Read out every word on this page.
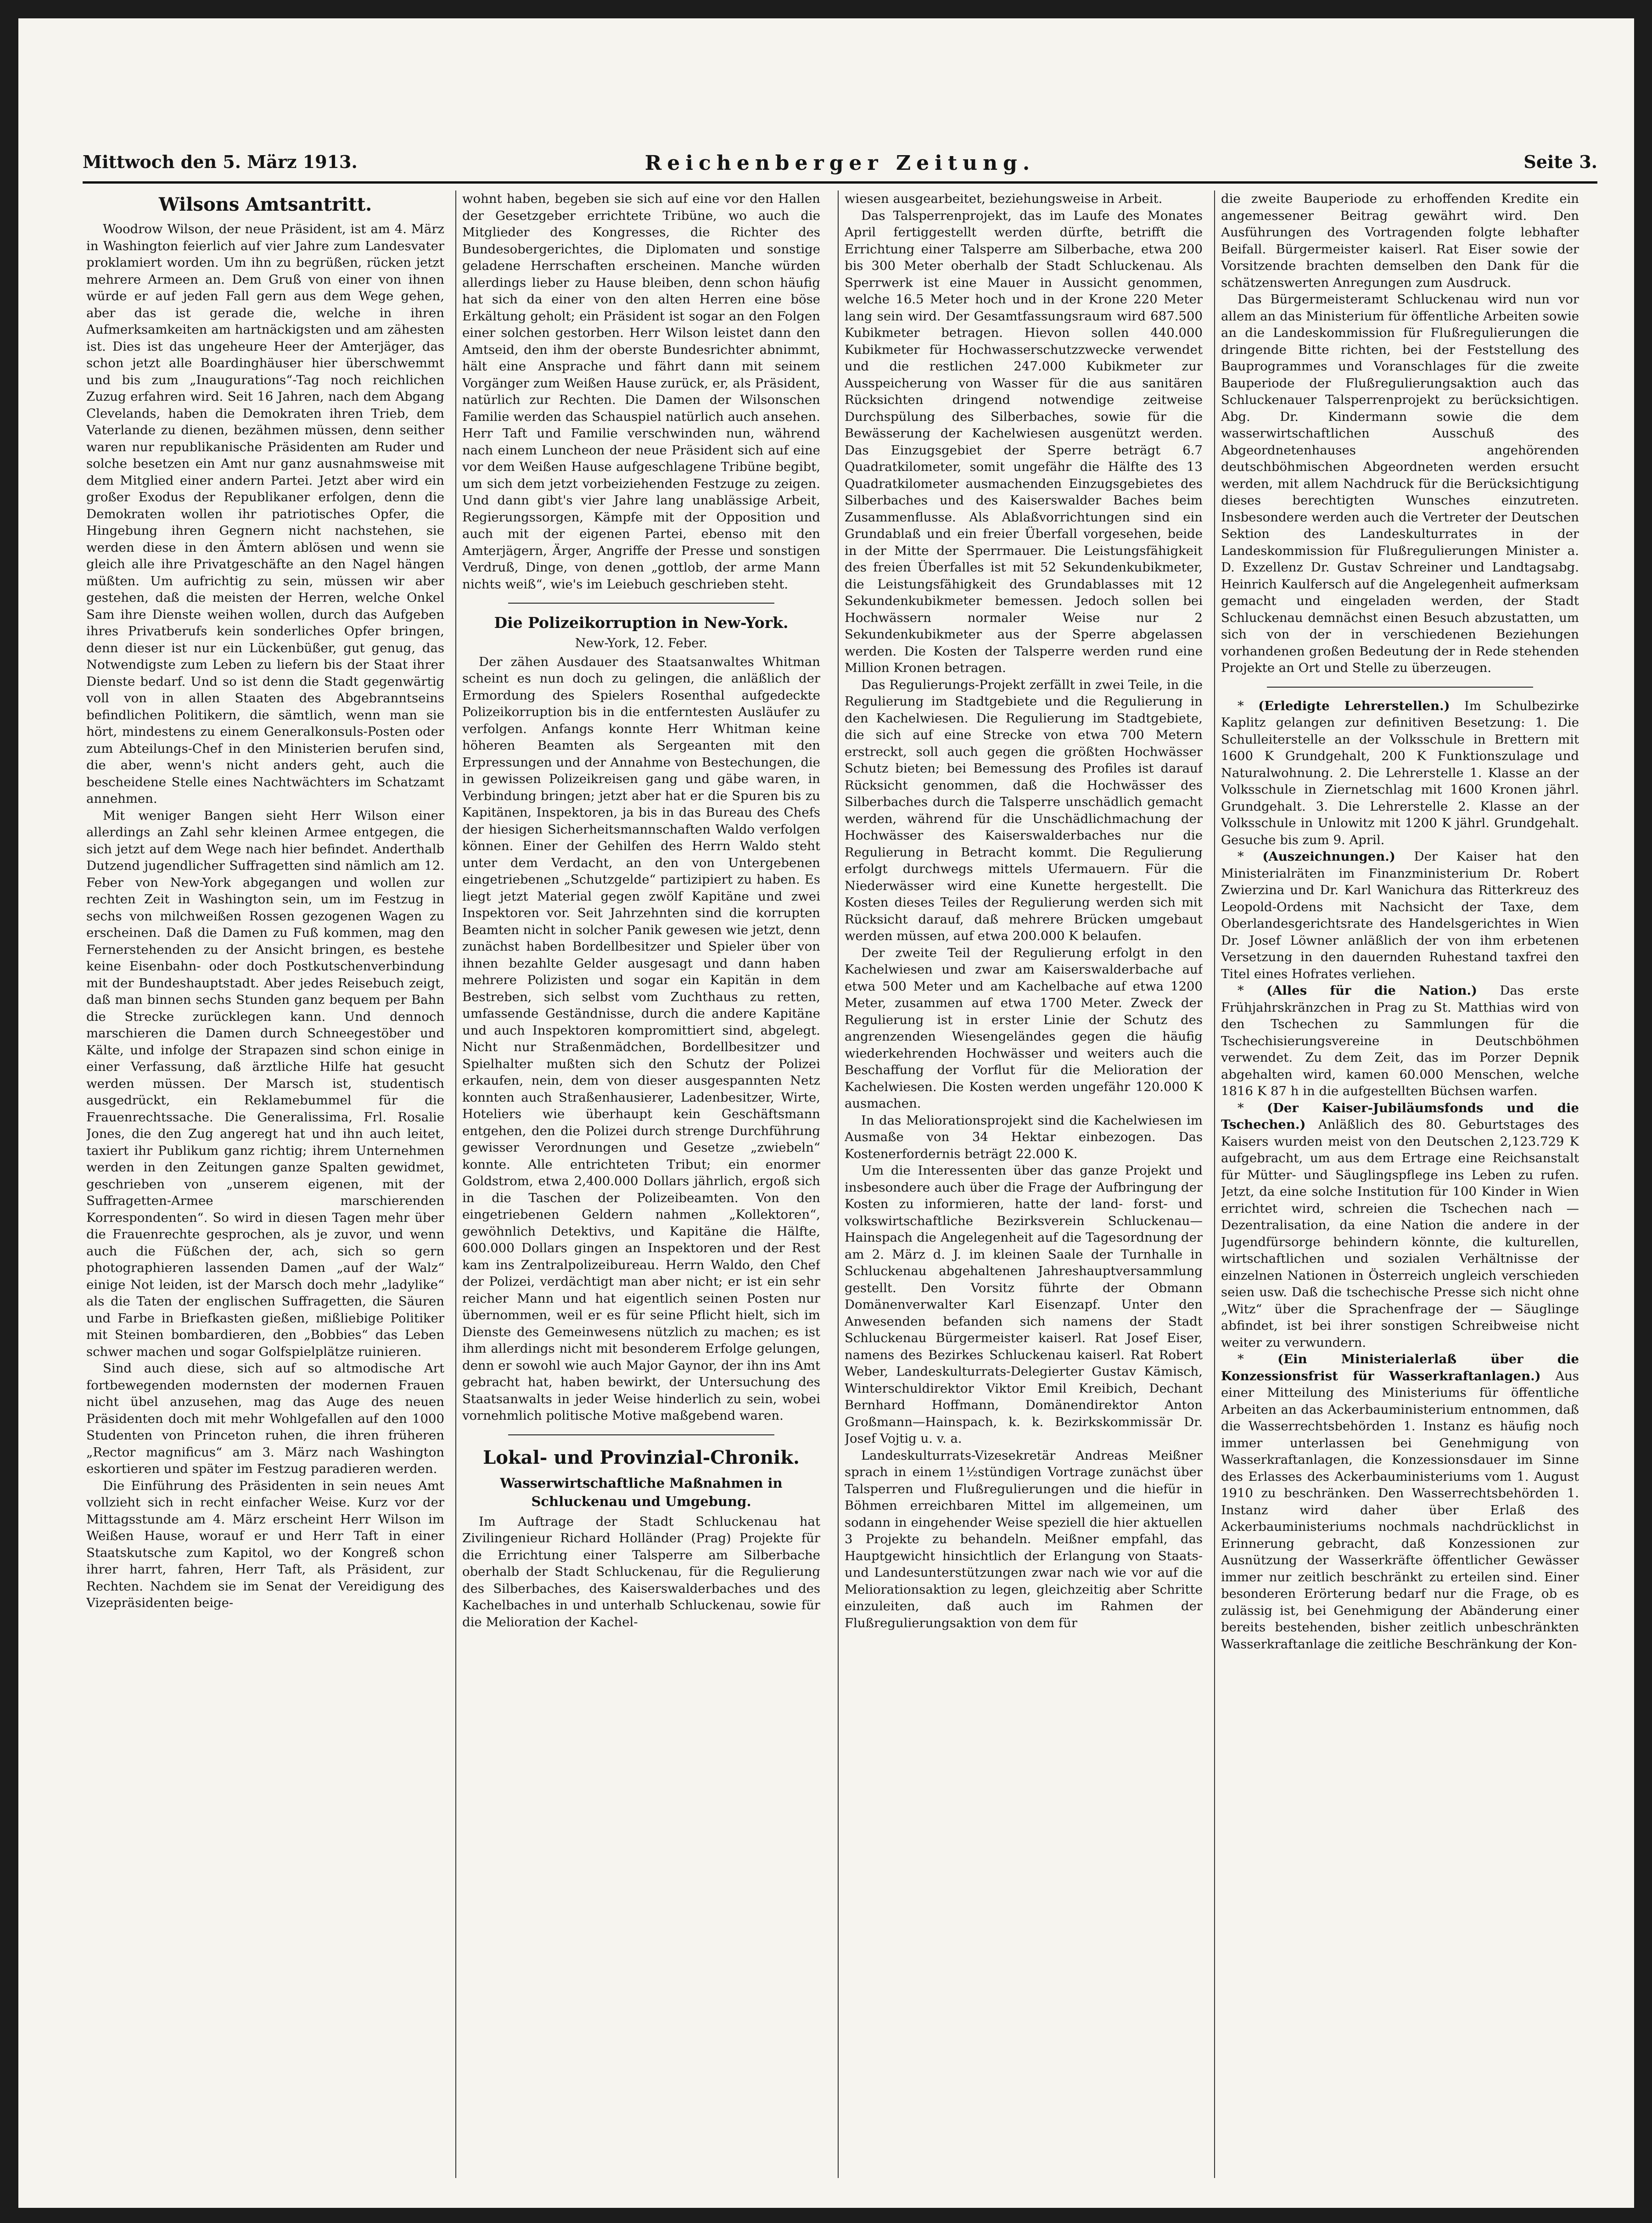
Mittwoch den 5. März 1913.	Reichenberger Zeitung.	Seite 3.
Wilsons Amtsantritt.

Woodrow Wilson, der neue Präsident, ist am 4. März in Washington feierlich auf vier Jahre zum Landesvater proklamiert worden. Um ihn zu begrüßen, rücken jetzt mehrere Armeen an. Dem Gruß von einer von ihnen würde er auf jeden Fall gern aus dem Wege gehen, aber das ist gerade die, welche in ihren Aufmerksamkeiten am hartnäckigsten und am zähesten ist. Dies ist das ungeheure Heer der Amterjäger, das schon jetzt alle Boardinghäuser hier überschwemmt und bis zum „Inaugurations“-Tag noch reichlichen Zuzug erfahren wird. Seit 16 Jahren, nach dem Abgang Clevelands, haben die Demokraten ihren Trieb, dem Vaterlande zu dienen, bezähmen müssen, denn seither waren nur republikanische Präsidenten am Ruder und solche besetzen ein Amt nur ganz ausnahmsweise mit dem Mitglied einer andern Partei. Jetzt aber wird ein großer Exodus der Republikaner erfolgen, denn die Demokraten wollen ihr patriotisches Opfer, die Hingebung ihren Gegnern nicht nachstehen, sie werden diese in den Ämtern ablösen und wenn sie gleich alle ihre Privatgeschäfte an den Nagel hängen müßten. Um aufrichtig zu sein, müssen wir aber gestehen, daß die meisten der Herren, welche Onkel Sam ihre Dienste weihen wollen, durch das Aufgeben ihres Privatberufs kein sonderliches Opfer bringen, denn dieser ist nur ein Lückenbüßer, gut genug, das Notwendigste zum Leben zu liefern bis der Staat ihrer Dienste bedarf. Und so ist denn die Stadt gegenwärtig voll von in allen Staaten des Abgebranntseins befindlichen Politikern, die sämtlich, wenn man sie hört, mindestens zu einem Generalkonsuls-Posten oder zum Abteilungs-Chef in den Ministerien berufen sind, die aber, wenn's nicht anders geht, auch die bescheidene Stelle eines Nachtwächters im Schatzamt annehmen.

Mit weniger Bangen sieht Herr Wilson einer allerdings an Zahl sehr kleinen Armee entgegen, die sich jetzt auf dem Wege nach hier befindet. Anderthalb Dutzend jugendlicher Suffragetten sind nämlich am 12. Feber von New-York abgegangen und wollen zur rechten Zeit in Washington sein, um im Festzug in sechs von milchweißen Rossen gezogenen Wagen zu erscheinen. Daß die Damen zu Fuß kommen, mag den Fernerstehenden zu der Ansicht bringen, es bestehe keine Eisenbahn- oder doch Postkutschenverbindung mit der Bundeshauptstadt. Aber jedes Reisebuch zeigt, daß man binnen sechs Stunden ganz bequem per Bahn die Strecke zurücklegen kann. Und dennoch marschieren die Damen durch Schneegestöber und Kälte, und infolge der Strapazen sind schon einige in einer Verfassung, daß ärztliche Hilfe hat gesucht werden müssen. Der Marsch ist, studentisch ausgedrückt, ein Reklamebummel für die Frauenrechtssache. Die Generalissima, Frl. Rosalie Jones, die den Zug angeregt hat und ihn auch leitet, taxiert ihr Publikum ganz richtig; ihrem Unternehmen werden in den Zeitungen ganze Spalten gewidmet, geschrieben von „unserem eigenen, mit der Suffragetten-Armee marschierenden Korrespondenten“. So wird in diesen Tagen mehr über die Frauenrechte gesprochen, als je zuvor, und wenn auch die Füßchen der, ach, sich so gern photographieren lassenden Damen „auf der Walz“ einige Not leiden, ist der Marsch doch mehr „ladylike“ als die Taten der englischen Suffragetten, die Säuren und Farbe in Briefkasten gießen, mißliebige Politiker mit Steinen bombardieren, den „Bobbies“ das Leben schwer machen und sogar Golfspielplätze ruinieren.

Sind auch diese, sich auf so altmodische Art fortbewegenden modernsten der modernen Frauen nicht übel anzusehen, mag das Auge des neuen Präsidenten doch mit mehr Wohlgefallen auf den 1000 Studenten von Princeton ruhen, die ihren früheren „Rector magnificus“ am 3. März nach Washington eskortieren und später im Festzug paradieren werden.

Die Einführung des Präsidenten in sein neues Amt vollzieht sich in recht einfacher Weise. Kurz vor der Mittagsstunde am 4. März erscheint Herr Wilson im Weißen Hause, worauf er und Herr Taft in einer Staatskutsche zum Kapitol, wo der Kongreß schon ihrer harrt, fahren, Herr Taft, als Präsident, zur Rechten. Nachdem sie im Senat der Vereidigung des Vizepräsidenten beige-

wohnt haben, begeben sie sich auf eine vor den Hallen der Gesetzgeber errichtete Tribüne, wo auch die Mitglieder des Kongresses, die Richter des Bundesobergerichtes, die Diplomaten und sonstige geladene Herrschaften erscheinen. Manche würden allerdings lieber zu Hause bleiben, denn schon häufig hat sich da einer von den alten Herren eine böse Erkältung geholt; ein Präsident ist sogar an den Folgen einer solchen gestorben. Herr Wilson leistet dann den Amtseid, den ihm der oberste Bundesrichter abnimmt, hält eine Ansprache und fährt dann mit seinem Vorgänger zum Weißen Hause zurück, er, als Präsident, natürlich zur Rechten. Die Damen der Wilsonschen Familie werden das Schauspiel natürlich auch ansehen. Herr Taft und Familie verschwinden nun, während nach einem Luncheon der neue Präsident sich auf eine vor dem Weißen Hause aufgeschlagene Tribüne begibt, um sich dem jetzt vorbeiziehenden Festzuge zu zeigen. Und dann gibt's vier Jahre lang unablässige Arbeit, Regierungssorgen, Kämpfe mit der Opposition und auch mit der eigenen Partei, ebenso mit den Amterjägern, Ärger, Angriffe der Presse und sonstigen Verdruß, Dinge, von denen „gottlob, der arme Mann nichts weiß“, wie's im Leiebuch geschrieben steht.

Die Polizeikorruption in New-York.
New-York, 12. Feber.

Der zähen Ausdauer des Staatsanwaltes Whitman scheint es nun doch zu gelingen, die anläßlich der Ermordung des Spielers Rosenthal aufgedeckte Polizeikorruption bis in die entferntesten Ausläufer zu verfolgen. Anfangs konnte Herr Whitman keine höheren Beamten als Sergeanten mit den Erpressungen und der Annahme von Bestechungen, die in gewissen Polizeikreisen gang und gäbe waren, in Verbindung bringen; jetzt aber hat er die Spuren bis zu Kapitänen, Inspektoren, ja bis in das Bureau des Chefs der hiesigen Sicherheitsmannschaften Waldo verfolgen können. Einer der Gehilfen des Herrn Waldo steht unter dem Verdacht, an den von Untergebenen eingetriebenen „Schutzgelde“ partizipiert zu haben. Es liegt jetzt Material gegen zwölf Kapitäne und zwei Inspektoren vor. Seit Jahrzehnten sind die korrupten Beamten nicht in solcher Panik gewesen wie jetzt, denn zunächst haben Bordellbesitzer und Spieler über von ihnen bezahlte Gelder ausgesagt und dann haben mehrere Polizisten und sogar ein Kapitän in dem Bestreben, sich selbst vom Zuchthaus zu retten, umfassende Geständnisse, durch die andere Kapitäne und auch Inspektoren kompromittiert sind, abgelegt. Nicht nur Straßenmädchen, Bordellbesitzer und Spielhalter mußten sich den Schutz der Polizei erkaufen, nein, dem von dieser ausgespannten Netz konnten auch Straßenhausierer, Ladenbesitzer, Wirte, Hoteliers wie überhaupt kein Geschäftsmann entgehen, den die Polizei durch strenge Durchführung gewisser Verordnungen und Gesetze „zwiebeln“ konnte. Alle entrichteten Tribut; ein enormer Goldstrom, etwa 2,400.000 Dollars jährlich, ergoß sich in die Taschen der Polizeibeamten. Von den eingetriebenen Geldern nahmen „Kollektoren“, gewöhnlich Detektivs, und Kapitäne die Hälfte, 600.000 Dollars gingen an Inspektoren und der Rest kam ins Zentralpolizeibureau. Herrn Waldo, den Chef der Polizei, verdächtigt man aber nicht; er ist ein sehr reicher Mann und hat eigentlich seinen Posten nur übernommen, weil er es für seine Pflicht hielt, sich im Dienste des Gemeinwesens nützlich zu machen; es ist ihm allerdings nicht mit besonderem Erfolge gelungen, denn er sowohl wie auch Major Gaynor, der ihn ins Amt gebracht hat, haben bewirkt, der Untersuchung des Staatsanwalts in jeder Weise hinderlich zu sein, wobei vornehmlich politische Motive maßgebend waren.

Lokal- und Provinzial-Chronik.
Wasserwirtschaftliche Maßnahmen in Schluckenau und Umgebung.

Im Auftrage der Stadt Schluckenau hat Zivilingenieur Richard Holländer (Prag) Projekte für die Errichtung einer Talsperre am Silberbache oberhalb der Stadt Schluckenau, für die Regulierung des Silberbaches, des Kaiserswalderbaches und des Kachelbaches in und unterhalb Schluckenau, sowie für die Melioration der Kachel-

wiesen ausgearbeitet, beziehungsweise in Arbeit.

Das Talsperrenprojekt, das im Laufe des Monates April fertiggestellt werden dürfte, betrifft die Errichtung einer Talsperre am Silberbache, etwa 200 bis 300 Meter oberhalb der Stadt Schluckenau. Als Sperrwerk ist eine Mauer in Aussicht genommen, welche 16.5 Meter hoch und in der Krone 220 Meter lang sein wird. Der Gesamtfassungsraum wird 687.500 Kubikmeter betragen. Hievon sollen 440.000 Kubikmeter für Hochwasserschutzzwecke verwendet und die restlichen 247.000 Kubikmeter zur Ausspeicherung von Wasser für die aus sanitären Rücksichten dringend notwendige zeitweise Durchspülung des Silberbaches, sowie für die Bewässerung der Kachelwiesen ausgenützt werden. Das Einzugsgebiet der Sperre beträgt 6.7 Quadratkilometer, somit ungefähr die Hälfte des 13 Quadratkilometer ausmachenden Einzugsgebietes des Silberbaches und des Kaiserswalder Baches beim Zusammenflusse. Als Ablaßvorrichtungen sind ein Grundablaß und ein freier Überfall vorgesehen, beide in der Mitte der Sperrmauer. Die Leistungsfähigkeit des freien Überfalles ist mit 52 Sekundenkubikmeter, die Leistungsfähigkeit des Grundablasses mit 12 Sekundenkubikmeter bemessen. Jedoch sollen bei Hochwässern normaler Weise nur 2 Sekundenkubikmeter aus der Sperre abgelassen werden. Die Kosten der Talsperre werden rund eine Million Kronen betragen.

Das Regulierungs-Projekt zerfällt in zwei Teile, in die Regulierung im Stadtgebiete und die Regulierung in den Kachelwiesen. Die Regulierung im Stadtgebiete, die sich auf eine Strecke von etwa 700 Metern erstreckt, soll auch gegen die größten Hochwässer Schutz bieten; bei Bemessung des Profiles ist darauf Rücksicht genommen, daß die Hochwässer des Silberbaches durch die Talsperre unschädlich gemacht werden, während für die Unschädlichmachung der Hochwässer des Kaiserswalderbaches nur die Regulierung in Betracht kommt. Die Regulierung erfolgt durchwegs mittels Ufermauern. Für die Niederwässer wird eine Kunette hergestellt. Die Kosten dieses Teiles der Regulierung werden sich mit Rücksicht darauf, daß mehrere Brücken umgebaut werden müssen, auf etwa 200.000 K belaufen.

Der zweite Teil der Regulierung erfolgt in den Kachelwiesen und zwar am Kaiserswalderbache auf etwa 500 Meter und am Kachelbache auf etwa 1200 Meter, zusammen auf etwa 1700 Meter. Zweck der Regulierung ist in erster Linie der Schutz des angrenzenden Wiesengeländes gegen die häufig wiederkehrenden Hochwässer und weiters auch die Beschaffung der Vorflut für die Melioration der Kachelwiesen. Die Kosten werden ungefähr 120.000 K ausmachen.

In das Meliorationsprojekt sind die Kachelwiesen im Ausmaße von 34 Hektar einbezogen. Das Kostenerfordernis beträgt 22.000 K.

Um die Interessenten über das ganze Projekt und insbesondere auch über die Frage der Aufbringung der Kosten zu informieren, hatte der land- forst- und volkswirtschaftliche Bezirksverein Schluckenau—Hainspach die Angelegenheit auf die Tagesordnung der am 2. März d. J. im kleinen Saale der Turnhalle in Schluckenau abgehaltenen Jahreshauptversammlung gestellt. Den Vorsitz führte der Obmann Domänenverwalter Karl Eisenzapf. Unter den Anwesenden befanden sich namens der Stadt Schluckenau Bürgermeister kaiserl. Rat Josef Eiser, namens des Bezirkes Schluckenau kaiserl. Rat Robert Weber, Landeskulturrats-Delegierter Gustav Kämisch, Winterschuldirektor Viktor Emil Kreibich, Dechant Bernhard Hoffmann, Domänendirektor Anton Großmann—Hainspach, k. k. Bezirkskommissär Dr. Josef Vojtig u. v. a.

Landeskulturrats-Vizesekretär Andreas Meißner sprach in einem 1½stündigen Vortrage zunächst über Talsperren und Flußregulierungen und die hiefür in Böhmen erreichbaren Mittel im allgemeinen, um sodann in eingehender Weise speziell die hier aktuellen 3 Projekte zu behandeln. Meißner empfahl, das Hauptgewicht hinsichtlich der Erlangung von Staats- und Landesunterstützungen zwar nach wie vor auf die Meliorationsaktion zu legen, gleichzeitig aber Schritte einzuleiten, daß auch im Rahmen der Flußregulierungsaktion von dem für

die zweite Bauperiode zu erhoffenden Kredite ein angemessener Beitrag gewährt wird. Den Ausführungen des Vortragenden folgte lebhafter Beifall. Bürgermeister kaiserl. Rat Eiser sowie der Vorsitzende brachten demselben den Dank für die schätzenswerten Anregungen zum Ausdruck.

Das Bürgermeisteramt Schluckenau wird nun vor allem an das Ministerium für öffentliche Arbeiten sowie an die Landeskommission für Flußregulierungen die dringende Bitte richten, bei der Feststellung des Bauprogrammes und Voranschlages für die zweite Bauperiode der Flußregulierungsaktion auch das Schluckenauer Talsperrenprojekt zu berücksichtigen. Abg. Dr. Kindermann sowie die dem wasserwirtschaftlichen Ausschuß des Abgeordnetenhauses angehörenden deutschböhmischen Abgeordneten werden ersucht werden, mit allem Nachdruck für die Berücksichtigung dieses berechtigten Wunsches einzutreten. Insbesondere werden auch die Vertreter der Deutschen Sektion des Landeskulturrates in der Landeskommission für Flußregulierungen Minister a. D. Exzellenz Dr. Gustav Schreiner und Landtagsabg. Heinrich Kaulfersch auf die Angelegenheit aufmerksam gemacht und eingeladen werden, der Stadt Schluckenau demnächst einen Besuch abzustatten, um sich von der in verschiedenen Beziehungen vorhandenen großen Bedeutung der in Rede stehenden Projekte an Ort und Stelle zu überzeugen.

* (Erledigte Lehrerstellen.) Im Schulbezirke Kaplitz gelangen zur definitiven Besetzung: 1. Die Schulleiterstelle an der Volksschule in Brettern mit 1600 K Grundgehalt, 200 K Funktionszulage und Naturalwohnung. 2. Die Lehrerstelle 1. Klasse an der Volksschule in Ziernetschlag mit 1600 Kronen jährl. Grundgehalt. 3. Die Lehrerstelle 2. Klasse an der Volksschule in Unlowitz mit 1200 K jährl. Grundgehalt. Gesuche bis zum 9. April.

* (Auszeichnungen.) Der Kaiser hat den Ministerialräten im Finanzministerium Dr. Robert Zwierzina und Dr. Karl Wanichura das Ritterkreuz des Leopold-Ordens mit Nachsicht der Taxe, dem Oberlandesgerichtsrate des Handelsgerichtes in Wien Dr. Josef Löwner anläßlich der von ihm erbetenen Versetzung in den dauernden Ruhestand taxfrei den Titel eines Hofrates verliehen.

* (Alles für die Nation.) Das erste Frühjahrskränzchen in Prag zu St. Matthias wird von den Tschechen zu Sammlungen für die Tschechisierungsvereine in Deutschböhmen verwendet. Zu dem Zeit, das im Porzer Depnik abgehalten wird, kamen 60.000 Menschen, welche 1816 K 87 h in die aufgestellten Büchsen warfen.

* (Der Kaiser-Jubiläumsfonds und die Tschechen.) Anläßlich des 80. Geburtstages des Kaisers wurden meist von den Deutschen 2,123.729 K aufgebracht, um aus dem Ertrage eine Reichsanstalt für Mütter- und Säuglingspflege ins Leben zu rufen. Jetzt, da eine solche Institution für 100 Kinder in Wien errichtet wird, schreien die Tschechen nach — Dezentralisation, da eine Nation die andere in der Jugendfürsorge behindern könnte, die kulturellen, wirtschaftlichen und sozialen Verhältnisse der einzelnen Nationen in Österreich ungleich verschieden seien usw. Daß die tschechische Presse sich nicht ohne „Witz“ über die Sprachenfrage der — Säuglinge abfindet, ist bei ihrer sonstigen Schreibweise nicht weiter zu verwundern.

* (Ein Ministerialerlaß über die Konzessionsfrist für Wasserkraftanlagen.) Aus einer Mitteilung des Ministeriums für öffentliche Arbeiten an das Ackerbauministerium entnommen, daß die Wasserrechtsbehörden 1. Instanz es häufig noch immer unterlassen bei Genehmigung von Wasserkraftanlagen, die Konzessionsdauer im Sinne des Erlasses des Ackerbauministeriums vom 1. August 1910 zu beschränken. Den Wasserrechtsbehörden 1. Instanz wird daher über Erlaß des Ackerbauministeriums nochmals nachdrücklichst in Erinnerung gebracht, daß Konzessionen zur Ausnützung der Wasserkräfte öffentlicher Gewässer immer nur zeitlich beschränkt zu erteilen sind. Einer besonderen Erörterung bedarf nur die Frage, ob es zulässig ist, bei Genehmigung der Abänderung einer bereits bestehenden, bisher zeitlich unbeschränkten Wasserkraftanlage die zeitliche Beschränkung der Kon-
